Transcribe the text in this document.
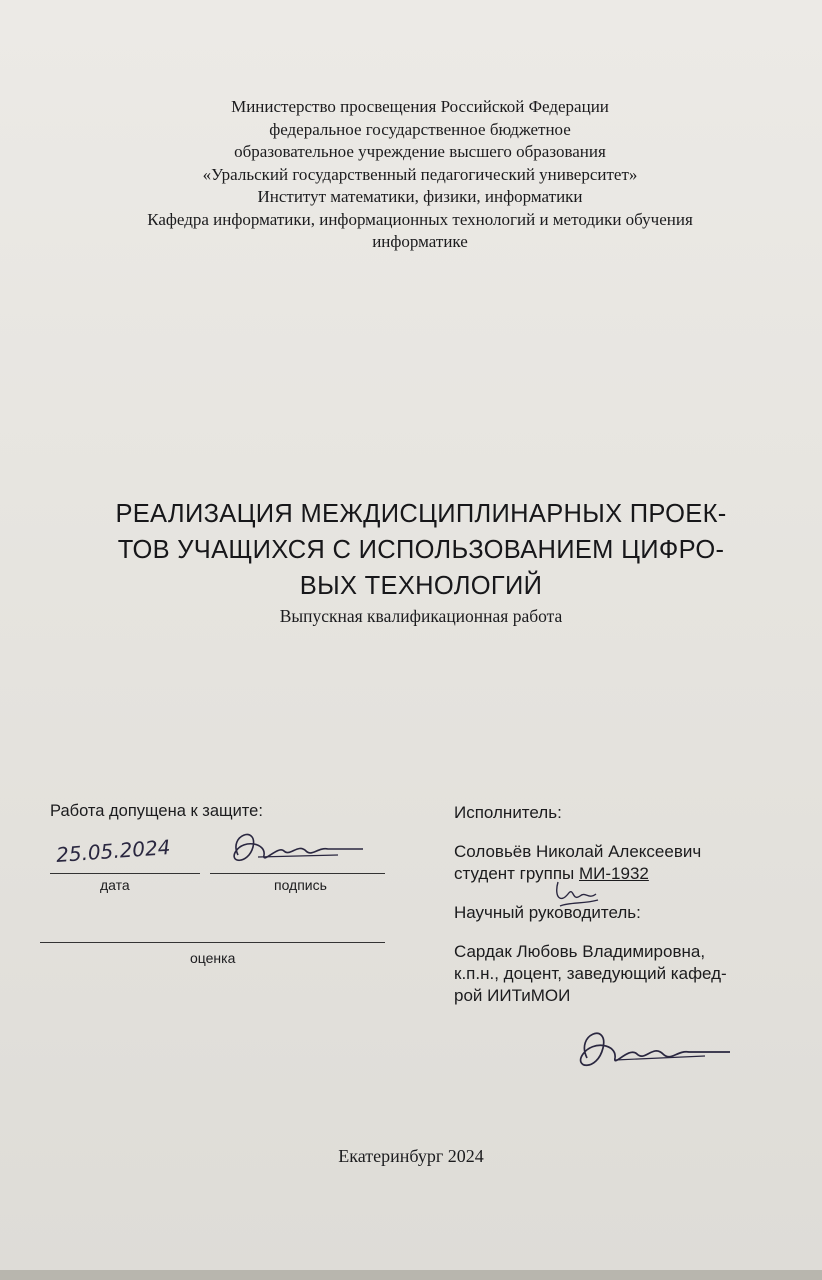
Министерство просвещения Российской Федерации
федеральное государственное бюджетное
образовательное учреждение высшего образования
«Уральский государственный педагогический университет»
Институт математики, физики, информатики
Кафедра информатики, информационных технологий и методики обучения
информатике
РЕАЛИЗАЦИЯ МЕЖДИСЦИПЛИНАРНЫХ ПРОЕК-
ТОВ УЧАЩИХСЯ С ИСПОЛЬЗОВАНИЕМ ЦИФРО-
ВЫХ ТЕХНОЛОГИЙ
Выпускная квалификационная работа
Работа допущена к защите:
25.05.2024
дата	подпись
оценка
Исполнитель:
Соловьёв Николай Алексеевич
студент группы МИ-1932
Научный руководитель:
Сардак Любовь Владимировна,
к.п.н., доцент, заведующий кафед-
рой ИИТиМОИ
Екатеринбург 2024
